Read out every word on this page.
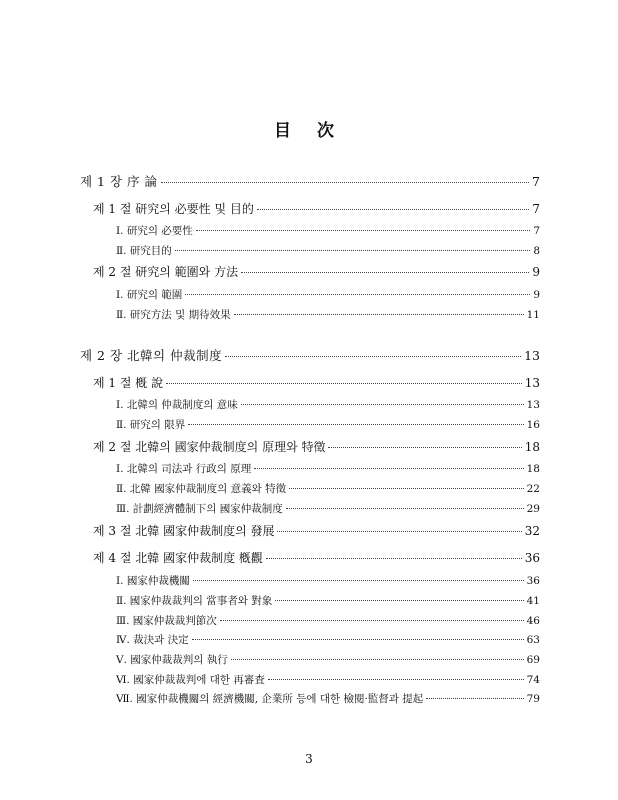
目 次
제 1 장 序 論	7
제 1 절 研究의 必要性 및 目的	7
Ⅰ. 研究의 必要性	7
Ⅱ. 研究目的	8
제 2 절 研究의 範圍와 方法	9
Ⅰ. 研究의 範圍	9
Ⅱ. 研究方法 및 期待效果	11
제 2 장 北韓의 仲裁制度	13
제 1 절 槪 說	13
Ⅰ. 北韓의 仲裁制度의 意味	13
Ⅱ. 研究의 限界	16
제 2 절 北韓의 國家仲裁制度의 原理와 特徵	18
Ⅰ. 北韓의 司法과 行政의 原理	18
Ⅱ. 北韓 國家仲裁制度의 意義와 特徵	22
Ⅲ. 計劃經濟體制下의 國家仲裁制度	29
제 3 절 北韓 國家仲裁制度의 發展	32
제 4 절 北韓 國家仲裁制度 槪觀	36
Ⅰ. 國家仲裁機關	36
Ⅱ. 國家仲裁裁判의 當事者와 對象	41
Ⅲ. 國家仲裁裁判節次	46
Ⅳ. 裁決과 決定	63
Ⅴ. 國家仲裁裁判의 執行	69
Ⅵ. 國家仲裁裁判에 대한 再審査	74
Ⅶ. 國家仲裁機關의 經濟機關, 企業所 등에 대한 檢閱·監督과 提起	79
3
